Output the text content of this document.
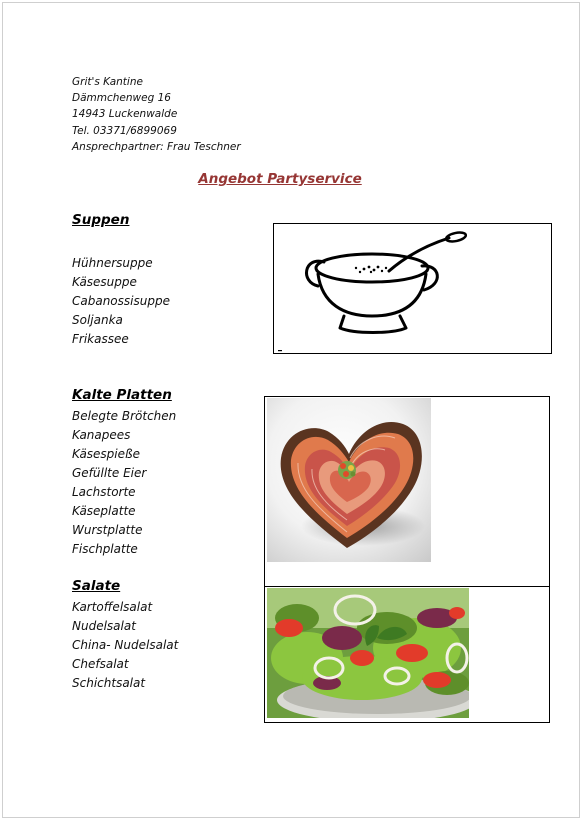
Grit's Kantine
Dämmchenweg 16
14943 Luckenwalde
Tel. 03371/6899069
Ansprechpartner: Frau Teschner
Angebot Partyservice
Suppen
Hühnersuppe
Käsesuppe
Cabanossisuppe
Soljanka
Frikassee
Kalte Platten
Belegte Brötchen
Kanapees
Käsespieße
Gefüllte Eier
Lachstorte
Käseplatte
Wurstplatte
Fischplatte
Salate
Kartoffelsalat
Nudelsalat
China- Nudelsalat
Chefsalat
Schichtsalat
